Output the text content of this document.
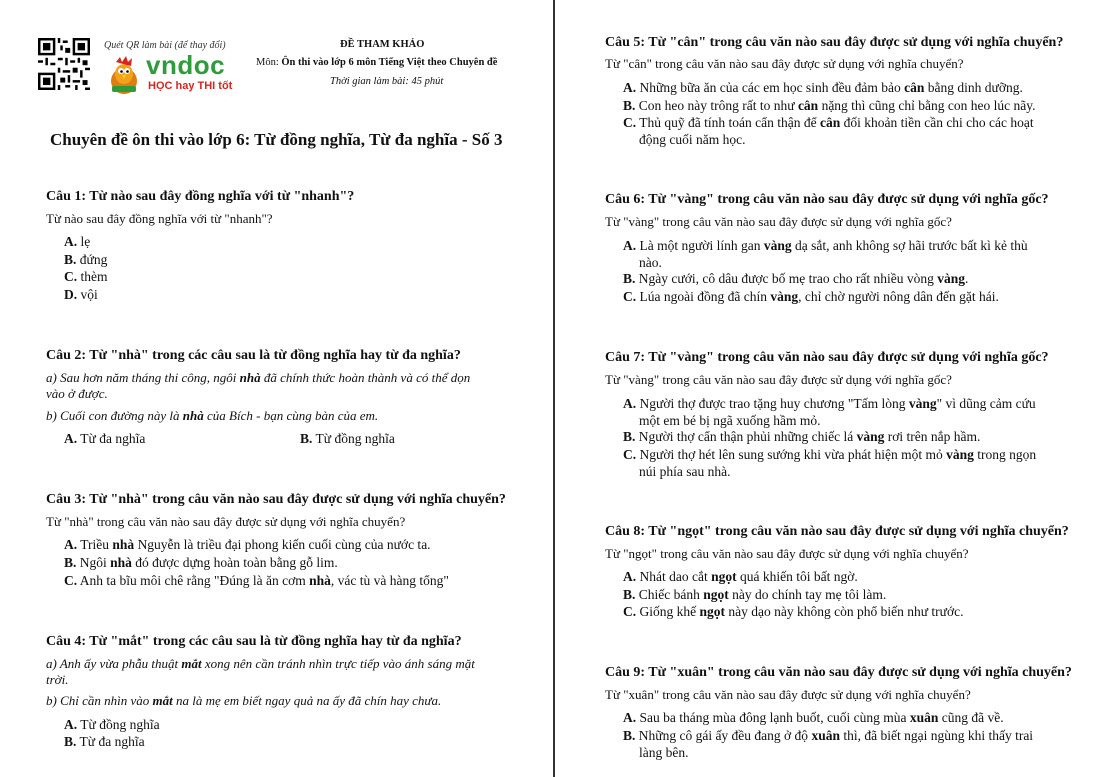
Quét QR làm bài (để thay đổi)
vndoc
HỌC hay THI tốt
ĐỀ THAM KHẢO
Môn: Ôn thi vào lớp 6 môn Tiếng Việt theo Chuyên đề
Thời gian làm bài: 45 phút
Chuyên đề ôn thi vào lớp 6: Từ đồng nghĩa, Từ đa nghĩa - Số 3
Câu 1: Từ nào sau đây đồng nghĩa với từ "nhanh"?
Từ nào sau đây đồng nghĩa với từ "nhanh"?
A. lẹ
B. đứng
C. thèm
D. vội
Câu 2: Từ "nhà" trong các câu sau là từ đồng nghĩa hay từ đa nghĩa?
a) Sau hơn năm tháng thi công, ngôi nhà đã chính thức hoàn thành và có thể dọn
vào ở được.
b) Cuối con đường này là nhà của Bích - bạn cùng bàn của em.
A. Từ đa nghĩa	B. Từ đồng nghĩa
Câu 3: Từ "nhà" trong câu văn nào sau đây được sử dụng với nghĩa chuyển?
Từ "nhà" trong câu văn nào sau đây được sử dụng với nghĩa chuyển?
A. Triều nhà Nguyễn là triều đại phong kiến cuối cùng của nước ta.
B. Ngôi nhà đó được dựng hoàn toàn bằng gỗ lim.
C. Anh ta bĩu môi chê rằng "Đúng là ăn cơm nhà, vác tù và hàng tổng"
Câu 4: Từ "mắt" trong các câu sau là từ đồng nghĩa hay từ đa nghĩa?
a) Anh ấy vừa phẫu thuật mắt xong nên cần tránh nhìn trực tiếp vào ánh sáng mặt
trời.
b) Chỉ cần nhìn vào mắt na là mẹ em biết ngay quả na ấy đã chín hay chưa.
A. Từ đồng nghĩa
B. Từ đa nghĩa
Câu 5: Từ "cân" trong câu văn nào sau đây được sử dụng với nghĩa chuyển?
Từ "cân" trong câu văn nào sau đây được sử dụng với nghĩa chuyển?
A. Những bữa ăn của các em học sinh đều đảm bảo cân bằng dinh dưỡng.
B. Con heo này trông rất to như cân nặng thì cũng chỉ bằng con heo lúc nãy.
C. Thủ quỹ đã tính toán cẩn thận để cân đối khoản tiền cần chi cho các hoạt
động cuối năm học.
Câu 6: Từ "vàng" trong câu văn nào sau đây được sử dụng với nghĩa gốc?
Từ "vàng" trong câu văn nào sau đây được sử dụng với nghĩa gốc?
A. Là một người lính gan vàng dạ sắt, anh không sợ hãi trước bất kì kẻ thù
nào.
B. Ngày cưới, cô dâu được bố mẹ trao cho rất nhiều vòng vàng.
C. Lúa ngoài đồng đã chín vàng, chỉ chờ người nông dân đến gặt hái.
Câu 7: Từ "vàng" trong câu văn nào sau đây được sử dụng với nghĩa gốc?
Từ "vàng" trong câu văn nào sau đây được sử dụng với nghĩa gốc?
A. Người thợ được trao tặng huy chương "Tấm lòng vàng" vì dũng cảm cứu
một em bé bị ngã xuống hầm mỏ.
B. Người thợ cẩn thận phủi những chiếc lá vàng rơi trên nắp hầm.
C. Người thợ hét lên sung sướng khi vừa phát hiện một mỏ vàng trong ngọn
núi phía sau nhà.
Câu 8: Từ "ngọt" trong câu văn nào sau đây được sử dụng với nghĩa chuyển?
Từ "ngọt" trong câu văn nào sau đây được sử dụng với nghĩa chuyển?
A. Nhát dao cắt ngọt quá khiến tôi bất ngờ.
B. Chiếc bánh ngọt này do chính tay mẹ tôi làm.
C. Giống khế ngọt này dạo này không còn phổ biến như trước.
Câu 9: Từ "xuân" trong câu văn nào sau đây được sử dụng với nghĩa chuyển?
Từ "xuân" trong câu văn nào sau đây được sử dụng với nghĩa chuyển?
A. Sau ba tháng mùa đông lạnh buốt, cuối cùng mùa xuân cũng đã về.
B. Những cô gái ấy đều đang ở độ xuân thì, đã biết ngại ngùng khi thấy trai
làng bên.
